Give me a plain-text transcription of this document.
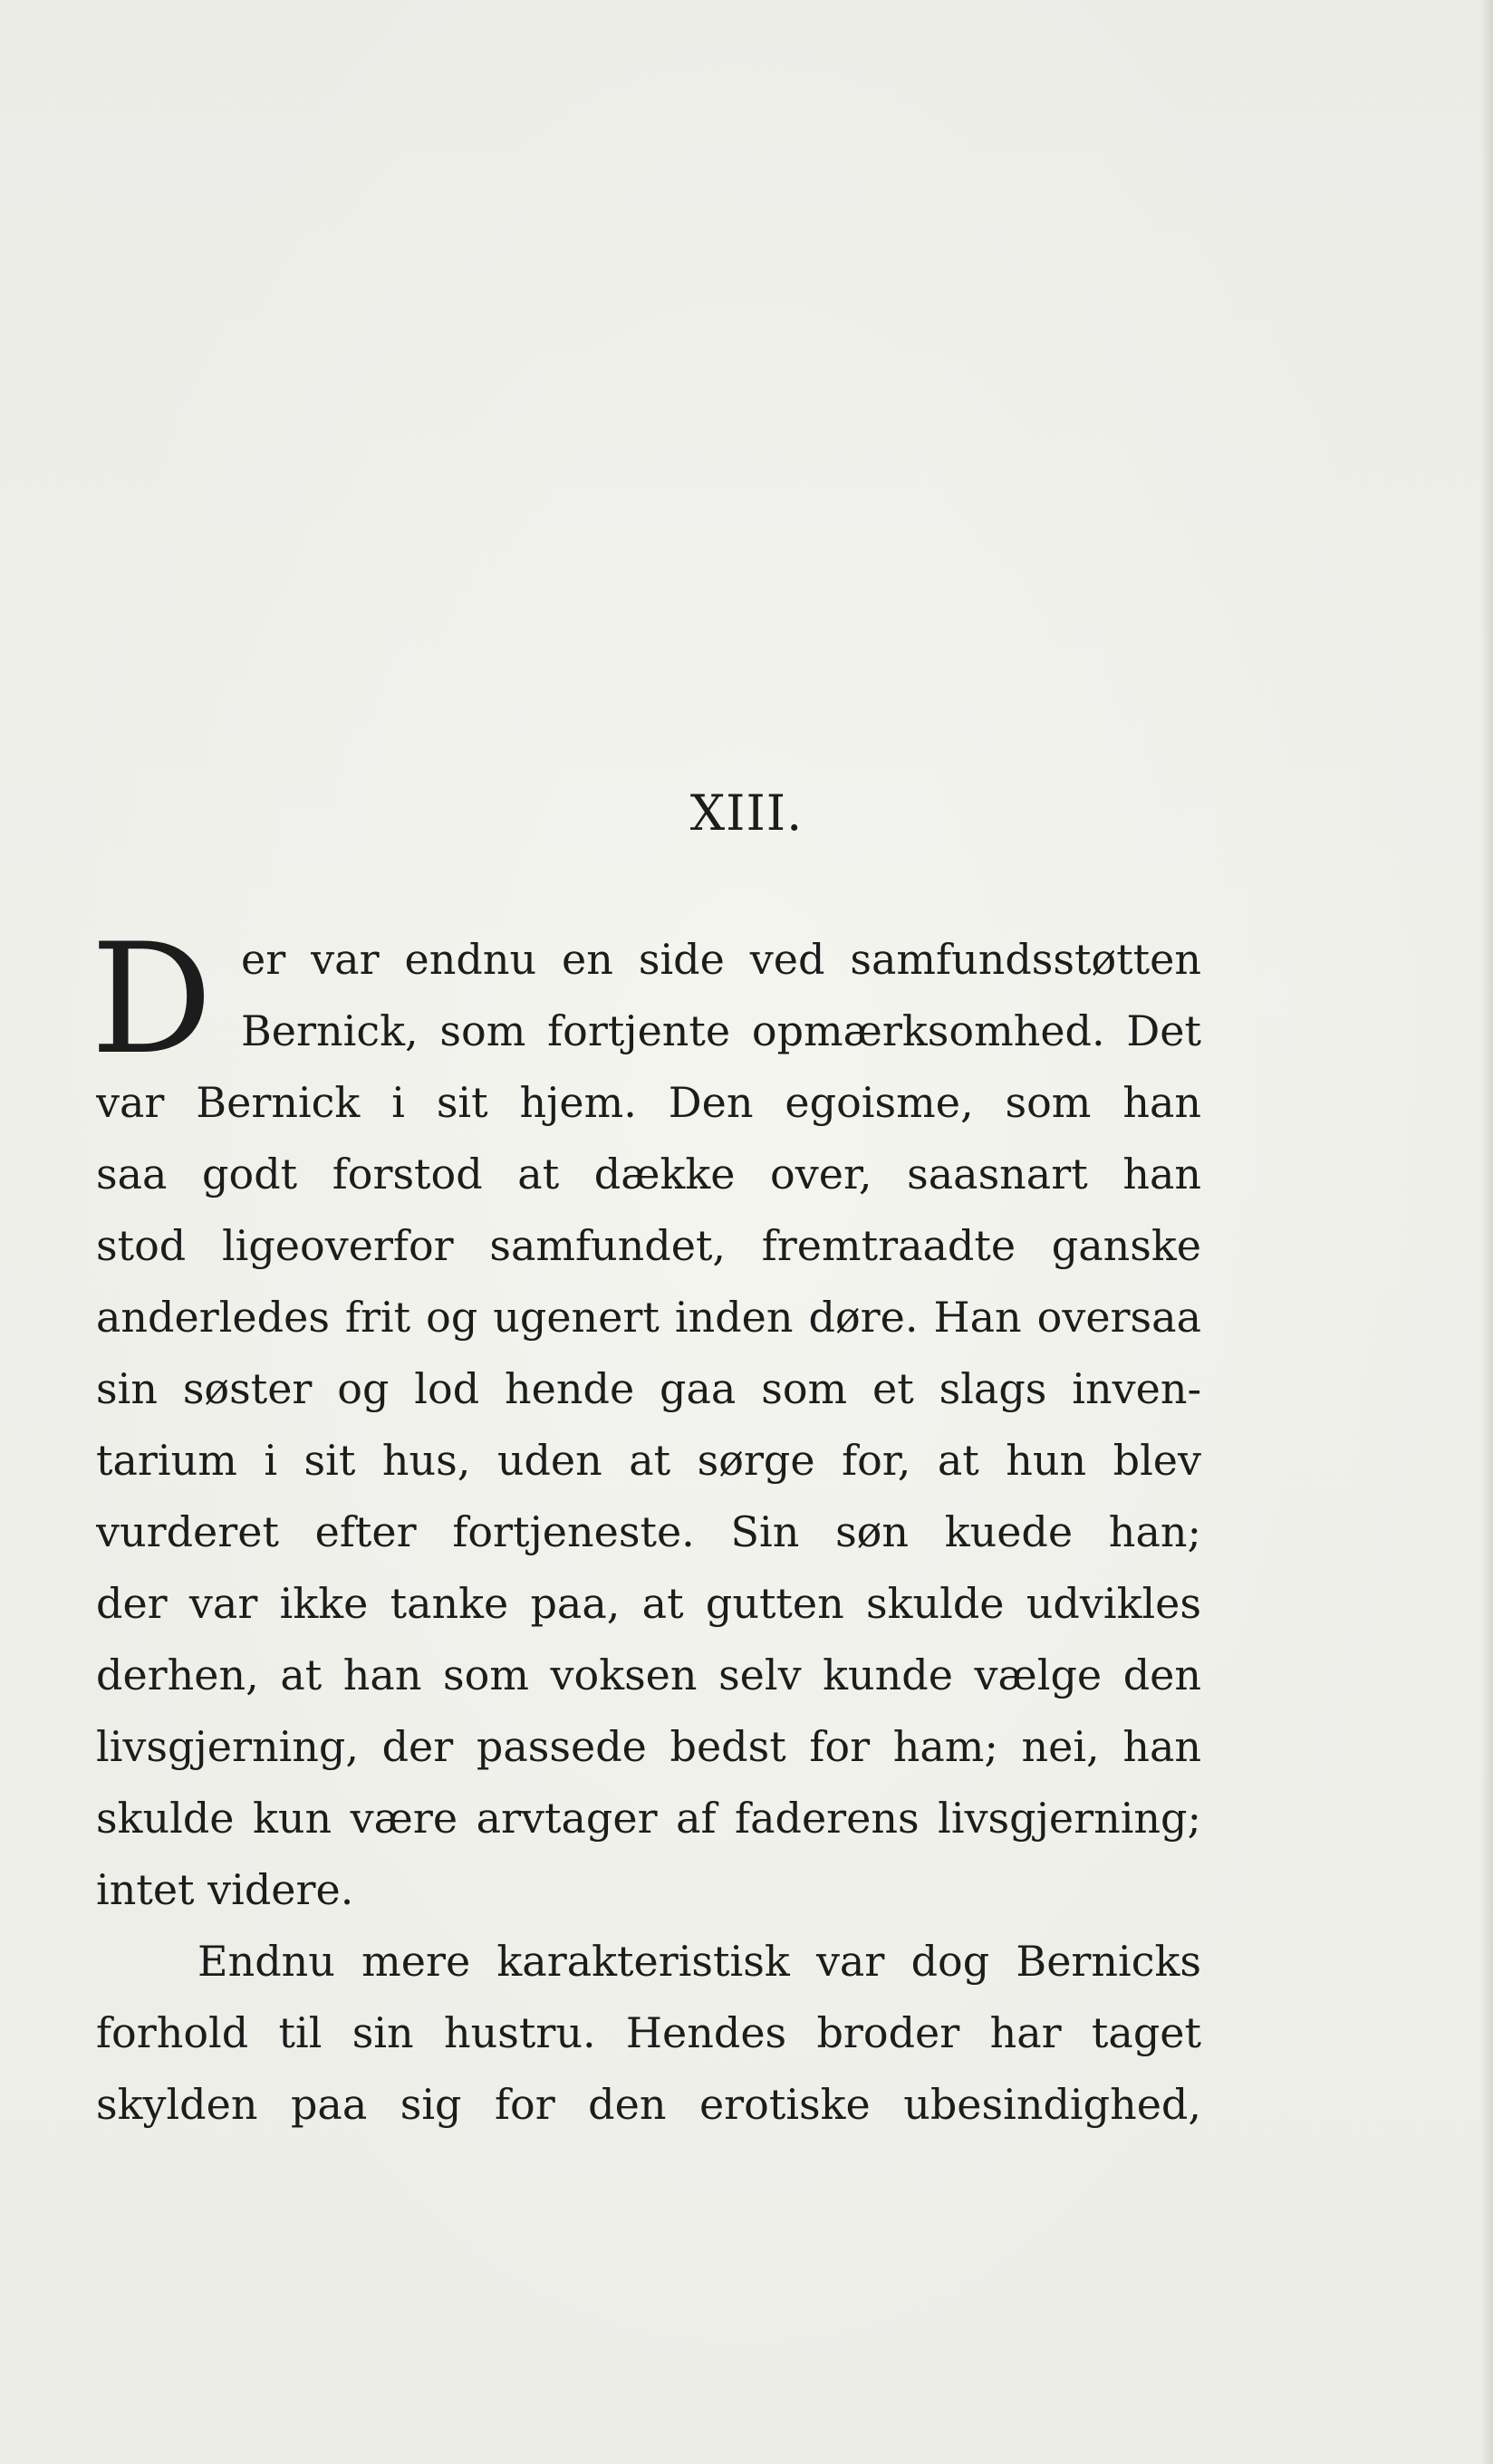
XIII.
D er var endnu en side ved samfundsstøtten
Bernick, som fortjente opmærksomhed. Det
var Bernick i sit hjem. Den egoisme, som han
saa godt forstod at dække over, saasnart han
stod ligeoverfor samfundet, fremtraadte ganske
anderledes frit og ugenert inden døre. Han oversaa
sin søster og lod hende gaa som et slags inven-
tarium i sit hus, uden at sørge for, at hun blev
vurderet efter fortjeneste. Sin søn kuede han;
der var ikke tanke paa, at gutten skulde udvikles
derhen, at han som voksen selv kunde vælge den
livsgjerning, der passede bedst for ham; nei, han
skulde kun være arvtager af faderens livsgjerning;
intet videre.
Endnu mere karakteristisk var dog Bernicks
forhold til sin hustru. Hendes broder har taget
skylden paa sig for den erotiske ubesindighed,
